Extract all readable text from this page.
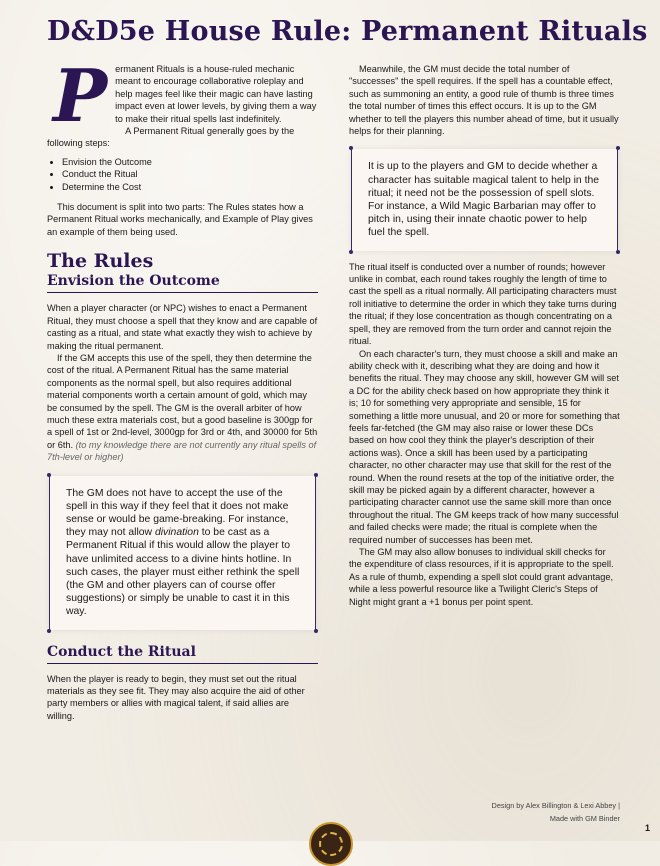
D&D5e House Rule: Permanent Rituals

Permanent Rituals is a house-ruled mechanic meant to encourage collaborative roleplay and help mages feel like their magic can have lasting impact even at lower levels, by giving them a way to make their ritual spells last indefinitely.

A Permanent Ritual generally goes by the following steps:

• Envision the Outcome
• Conduct the Ritual
• Determine the Cost

This document is split into two parts: The Rules states how a Permanent Ritual works mechanically, and Example of Play gives an example of them being used.

The Rules
Envision the Outcome

When a player character (or NPC) wishes to enact a Permanent Ritual, they must choose a spell that they know and are capable of casting as a ritual, and state what exactly they wish to achieve by making the ritual permanent.

If the GM accepts this use of the spell, they then determine the cost of the ritual. A Permanent Ritual has the same material components as the normal spell, but also requires additional material components worth a certain amount of gold, which may be consumed by the spell. The GM is the overall arbiter of how much these extra materials cost, but a good baseline is 300gp for a spell of 1st or 2nd-level, 3000gp for 3rd or 4th, and 30000 for 5th or 6th. (to my knowledge there are not currently any ritual spells of 7th-level or higher)

The GM does not have to accept the use of the spell in this way if they feel that it does not make sense or would be game-breaking. For instance, they may not allow divination to be cast as a Permanent Ritual if this would allow the player to have unlimited access to a divine hints hotline. In such cases, the player must either rethink the spell (the GM and other players can of course offer suggestions) or simply be unable to cast it in this way.
Conduct the Ritual

When the player is ready to begin, they must set out the ritual materials as they see fit. They may also acquire the aid of other party members or allies with magical talent, if said allies are willing.

Meanwhile, the GM must decide the total number of "successes" the spell requires. If the spell has a countable effect, such as summoning an entity, a good rule of thumb is three times the total number of times this effect occurs. It is up to the GM whether to tell the players this number ahead of time, but it usually helps for their planning.

It is up to the players and GM to decide whether a character has suitable magical talent to help in the ritual; it need not be the possession of spell slots. For instance, a Wild Magic Barbarian may offer to pitch in, using their innate chaotic power to help fuel the spell.

The ritual itself is conducted over a number of rounds; however unlike in combat, each round takes roughly the length of time to cast the spell as a ritual normally. All participating characters must roll initiative to determine the order in which they take turns during the ritual; if they lose concentration as though concentrating on a spell, they are removed from the turn order and cannot rejoin the ritual.

On each character's turn, they must choose a skill and make an ability check with it, describing what they are doing and how it benefits the ritual. They may choose any skill, however GM will set a DC for the ability check based on how appropriate they think it is; 10 for something very appropriate and sensible, 15 for something a little more unusual, and 20 or more for something that feels far-fetched (the GM may also raise or lower these DCs based on how cool they think the player's description of their actions was). Once a skill has been used by a participating character, no other character may use that skill for the rest of the round. When the round resets at the top of the initiative order, the skill may be picked again by a different character, however a participating character cannot use the same skill more than once throughout the ritual. The GM keeps track of how many successful and failed checks were made; the ritual is complete when the required number of successes has been met.

The GM may also allow bonuses to individual skill checks for the expenditure of class resources, if it is appropriate to the spell. As a rule of thumb, expending a spell slot could grant advantage, while a less powerful resource like a Twilight Cleric's Steps of Night might grant a +1 bonus per point spent.

Design by Alex Billington & Lexi Abbey |
Made with GM Binder
1
